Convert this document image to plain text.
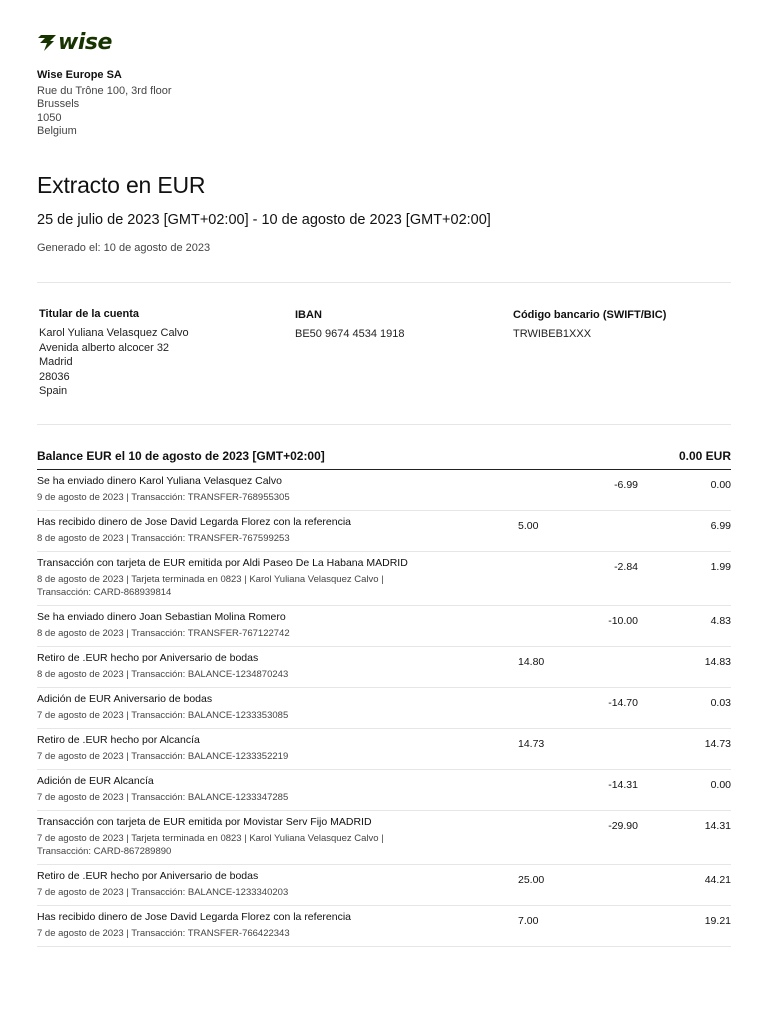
wise
Wise Europe SA
Rue du Trône 100, 3rd floor
Brussels
1050
Belgium
Extracto en EUR
25 de julio de 2023 [GMT+02:00] - 10 de agosto de 2023 [GMT+02:00]
Generado el: 10 de agosto de 2023
Titular de la cuenta
Karol Yuliana Velasquez Calvo
Avenida alberto alcocer 32
Madrid
28036
Spain
IBAN
BE50 9674 4534 1918
Código bancario (SWIFT/BIC)
TRWIBEB1XXX
Balance EUR el 10 de agosto de 2023 [GMT+02:00]	0.00 EUR
Se ha enviado dinero Karol Yuliana Velasquez Calvo
9 de agosto de 2023 | Transacción: TRANSFER-768955305
-6.99	0.00
Has recibido dinero de Jose David Legarda Florez con la referencia
8 de agosto de 2023 | Transacción: TRANSFER-767599253
5.00	6.99
Transacción con tarjeta de EUR emitida por Aldi Paseo De La Habana MADRID
8 de agosto de 2023 | Tarjeta terminada en 0823 | Karol Yuliana Velasquez Calvo | Transacción: CARD-868939814
-2.84	1.99
Se ha enviado dinero Joan Sebastian Molina Romero
8 de agosto de 2023 | Transacción: TRANSFER-767122742
-10.00	4.83
Retiro de .EUR hecho por Aniversario de bodas
8 de agosto de 2023 | Transacción: BALANCE-1234870243
14.80	14.83
Adición de EUR Aniversario de bodas
7 de agosto de 2023 | Transacción: BALANCE-1233353085
-14.70	0.03
Retiro de .EUR hecho por Alcancía
7 de agosto de 2023 | Transacción: BALANCE-1233352219
14.73	14.73
Adición de EUR Alcancía
7 de agosto de 2023 | Transacción: BALANCE-1233347285
-14.31	0.00
Transacción con tarjeta de EUR emitida por Movistar Serv Fijo MADRID
7 de agosto de 2023 | Tarjeta terminada en 0823 | Karol Yuliana Velasquez Calvo | Transacción: CARD-867289890
-29.90	14.31
Retiro de .EUR hecho por Aniversario de bodas
7 de agosto de 2023 | Transacción: BALANCE-1233340203
25.00	44.21
Has recibido dinero de Jose David Legarda Florez con la referencia
7 de agosto de 2023 | Transacción: TRANSFER-766422343
7.00	19.21
